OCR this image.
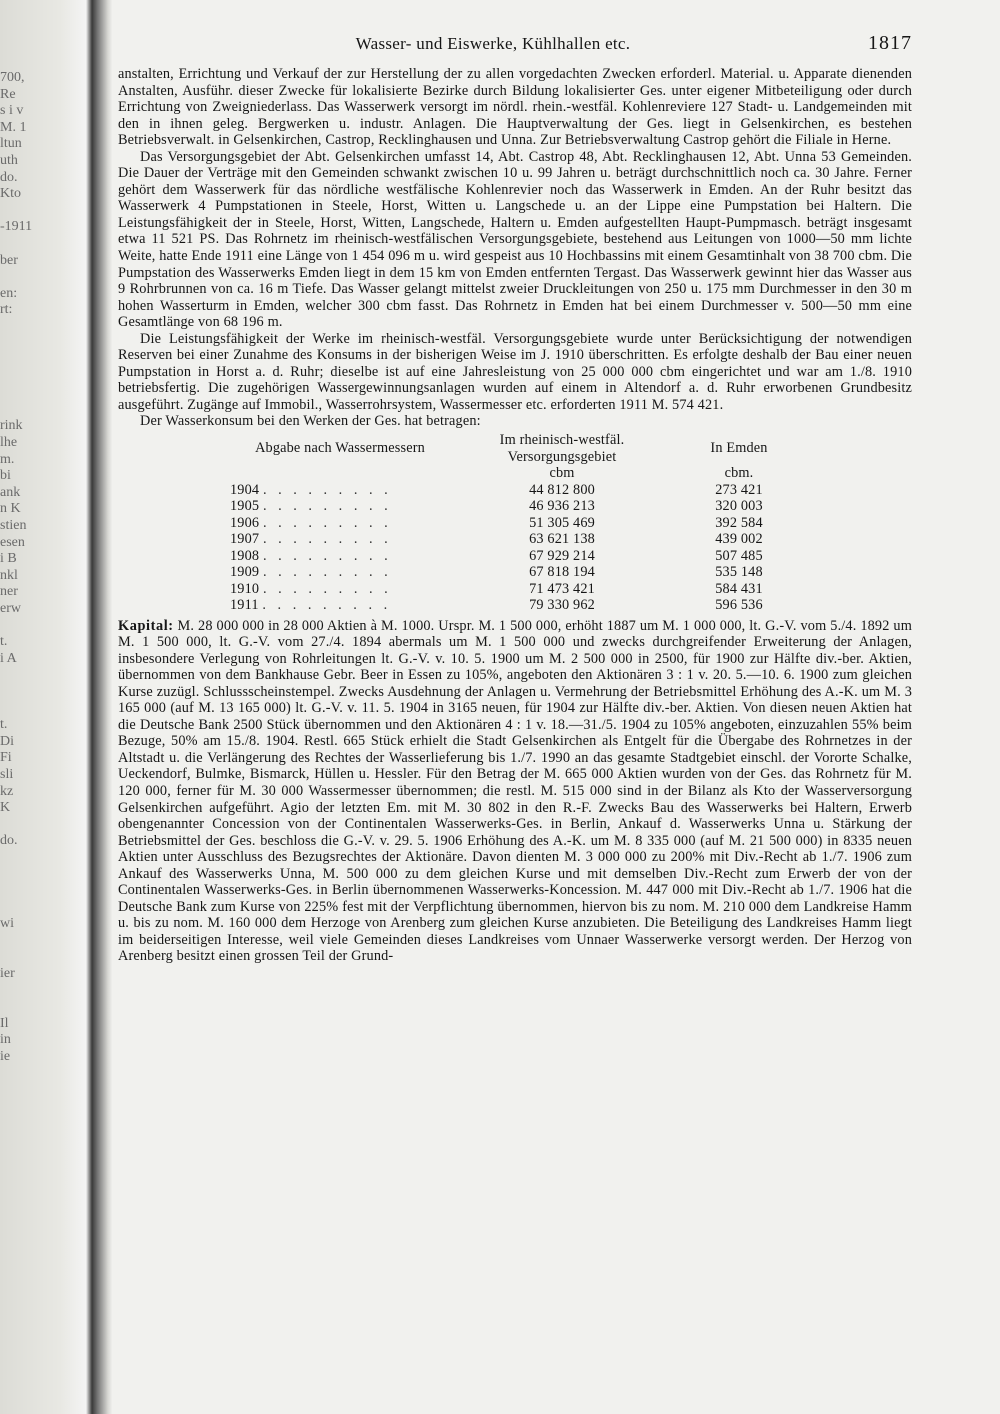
700,
Re
s i v
M. 1
ltun
uth
do.
Kto
-1911
ber
en:
rt:
rink
lhe
m.
bi
ank
n K
stien
esen
i B
nkl
ner
erw
t.
i A
t.
Di
Fi
sli
kz
K
do.
wi
ier
Il
in
ie
Wasser- und Eiswerke, Kühlhallen etc.	1817

anstalten, Errichtung und Verkauf der zur Herstellung der zu allen vorgedachten Zwecken erforderl. Material. u. Apparate dienenden Anstalten, Ausführ. dieser Zwecke für lokalisierte Bezirke durch Bildung lokalisierter Ges. unter eigener Mitbeteiligung oder durch Errichtung von Zweigniederlass. Das Wasserwerk versorgt im nördl. rhein.-westfäl. Kohlenreviere 127 Stadt- u. Landgemeinden mit den in ihnen geleg. Bergwerken u. industr. Anlagen. Die Hauptverwaltung der Ges. liegt in Gelsenkirchen, es bestehen Betriebsverwalt. in Gelsenkirchen, Castrop, Recklinghausen und Unna. Zur Betriebsverwaltung Castrop gehört die Filiale in Herne.

Das Versorgungsgebiet der Abt. Gelsenkirchen umfasst 14, Abt. Castrop 48, Abt. Recklinghausen 12, Abt. Unna 53 Gemeinden. Die Dauer der Verträge mit den Gemeinden schwankt zwischen 10 u. 99 Jahren u. beträgt durchschnittlich noch ca. 30 Jahre. Ferner gehört dem Wasserwerk für das nördliche westfälische Kohlenrevier noch das Wasserwerk in Emden. An der Ruhr besitzt das Wasserwerk 4 Pumpstationen in Steele, Horst, Witten u. Langschede u. an der Lippe eine Pumpstation bei Haltern. Die Leistungsfähigkeit der in Steele, Horst, Witten, Langschede, Haltern u. Emden aufgestellten Haupt-Pumpmasch. beträgt insgesamt etwa 11 521 PS. Das Rohrnetz im rheinisch-westfälischen Versorgungsgebiete, bestehend aus Leitungen von 1000—50 mm lichte Weite, hatte Ende 1911 eine Länge von 1 454 096 m u. wird gespeist aus 10 Hochbassins mit einem Gesamtinhalt von 38 700 cbm. Die Pumpstation des Wasserwerks Emden liegt in dem 15 km von Emden entfernten Tergast. Das Wasserwerk gewinnt hier das Wasser aus 9 Rohrbrunnen von ca. 16 m Tiefe. Das Wasser gelangt mittelst zweier Druckleitungen von 250 u. 175 mm Durchmesser in den 30 m hohen Wasserturm in Emden, welcher 300 cbm fasst. Das Rohrnetz in Emden hat bei einem Durchmesser v. 500—50 mm eine Gesamtlänge von 68 196 m.

Die Leistungsfähigkeit der Werke im rheinisch-westfäl. Versorgungsgebiete wurde unter Berücksichtigung der notwendigen Reserven bei einer Zunahme des Konsums in der bisherigen Weise im J. 1910 überschritten. Es erfolgte deshalb der Bau einer neuen Pumpstation in Horst a. d. Ruhr; dieselbe ist auf eine Jahresleistung von 25 000 000 cbm eingerichtet und war am 1./8. 1910 betriebsfertig. Die zugehörigen Wassergewinnungsanlagen wurden auf einem in Altendorf a. d. Ruhr erworbenen Grundbesitz ausgeführt. Zugänge auf Immobil., Wasserrohrsystem, Wassermesser etc. erforderten 1911 M. 574 421.

Der Wasserkonsum bei den Werken der Ges. hat betragen:

Abgabe nach Wassermessern	Im rheinisch-westfäl. Versorgungsgebiet	In Emden
	cbm	cbm.
1904 . . . . . . . . .	44 812 800	273 421
1905 . . . . . . . . .	46 936 213	320 003
1906 . . . . . . . . .	51 305 469	392 584
1907 . . . . . . . . .	63 621 138	439 002
1908 . . . . . . . . .	67 929 214	507 485
1909 . . . . . . . . .	67 818 194	535 148
1910 . . . . . . . . .	71 473 421	584 431
1911 . . . . . . . . .	79 330 962	596 536

Kapital: M. 28 000 000 in 28 000 Aktien à M. 1000. Urspr. M. 1 500 000, erhöht 1887 um M. 1 000 000, lt. G.-V. vom 5./4. 1892 um M. 1 500 000, lt. G.-V. vom 27./4. 1894 abermals um M. 1 500 000 und zwecks durchgreifender Erweiterung der Anlagen, insbesondere Verlegung von Rohrleitungen lt. G.-V. v. 10. 5. 1900 um M. 2 500 000 in 2500, für 1900 zur Hälfte div.-ber. Aktien, übernommen von dem Bankhause Gebr. Beer in Essen zu 105%, angeboten den Aktionären 3 : 1 v. 20. 5.—10. 6. 1900 zum gleichen Kurse zuzügl. Schlussscheinstempel. Zwecks Ausdehnung der Anlagen u. Vermehrung der Betriebsmittel Erhöhung des A.-K. um M. 3 165 000 (auf M. 13 165 000) lt. G.-V. v. 11. 5. 1904 in 3165 neuen, für 1904 zur Hälfte div.-ber. Aktien. Von diesen neuen Aktien hat die Deutsche Bank 2500 Stück übernommen und den Aktionären 4 : 1 v. 18.—31./5. 1904 zu 105% angeboten, einzuzahlen 55% beim Bezuge, 50% am 15./8. 1904. Restl. 665 Stück erhielt die Stadt Gelsenkirchen als Entgelt für die Übergabe des Rohrnetzes in der Altstadt u. die Verlängerung des Rechtes der Wasserlieferung bis 1./7. 1990 an das gesamte Stadtgebiet einschl. der Vororte Schalke, Ueckendorf, Bulmke, Bismarck, Hüllen u. Hessler. Für den Betrag der M. 665 000 Aktien wurden von der Ges. das Rohrnetz für M. 120 000, ferner für M. 30 000 Wassermesser übernommen; die restl. M. 515 000 sind in der Bilanz als Kto der Wasserversorgung Gelsenkirchen aufgeführt. Agio der letzten Em. mit M. 30 802 in den R.-F. Zwecks Bau des Wasserwerks bei Haltern, Erwerb obengenannter Concession von der Continentalen Wasserwerks-Ges. in Berlin, Ankauf d. Wasserwerks Unna u. Stärkung der Betriebsmittel der Ges. beschloss die G.-V. v. 29. 5. 1906 Erhöhung des A.-K. um M. 8 335 000 (auf M. 21 500 000) in 8335 neuen Aktien unter Ausschluss des Bezugsrechtes der Aktionäre. Davon dienten M. 3 000 000 zu 200% mit Div.-Recht ab 1./7. 1906 zum Ankauf des Wasserwerks Unna, M. 500 000 zu dem gleichen Kurse und mit demselben Div.-Recht zum Erwerb der von der Continentalen Wasserwerks-Ges. in Berlin übernommenen Wasserwerks-Koncession. M. 447 000 mit Div.-Recht ab 1./7. 1906 hat die Deutsche Bank zum Kurse von 225% fest mit der Verpflichtung übernommen, hiervon bis zu nom. M. 210 000 dem Landkreise Hamm u. bis zu nom. M. 160 000 dem Herzoge von Arenberg zum gleichen Kurse anzubieten. Die Beteiligung des Landkreises Hamm liegt im beiderseitigen Interesse, weil viele Gemeinden dieses Landkreises vom Unnaer Wasserwerke versorgt werden. Der Herzog von Arenberg besitzt einen grossen Teil der Grund-
